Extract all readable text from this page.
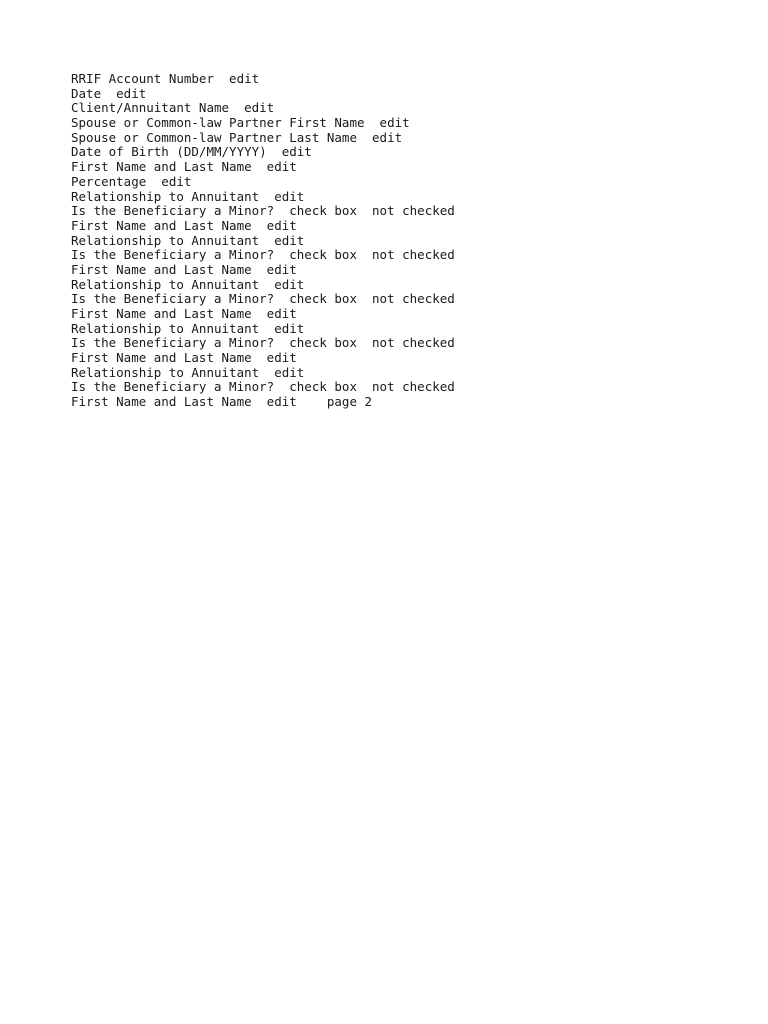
RRIF Account Number  edit

Date  edit

Client/Annuitant Name  edit

Spouse or Common-law Partner First Name  edit

Spouse or Common-law Partner Last Name  edit

Date of Birth (DD/MM/YYYY)  edit

First Name and Last Name  edit

Percentage  edit

Relationship to Annuitant  edit

Is the Beneficiary a Minor?  check box  not checked

First Name and Last Name  edit

Relationship to Annuitant  edit

Is the Beneficiary a Minor?  check box  not checked

First Name and Last Name  edit

Relationship to Annuitant  edit

Is the Beneficiary a Minor?  check box  not checked

First Name and Last Name  edit

Relationship to Annuitant  edit

Is the Beneficiary a Minor?  check box  not checked

First Name and Last Name  edit

Relationship to Annuitant  edit

Is the Beneficiary a Minor?  check box  not checked

First Name and Last Name  edit    page 2
